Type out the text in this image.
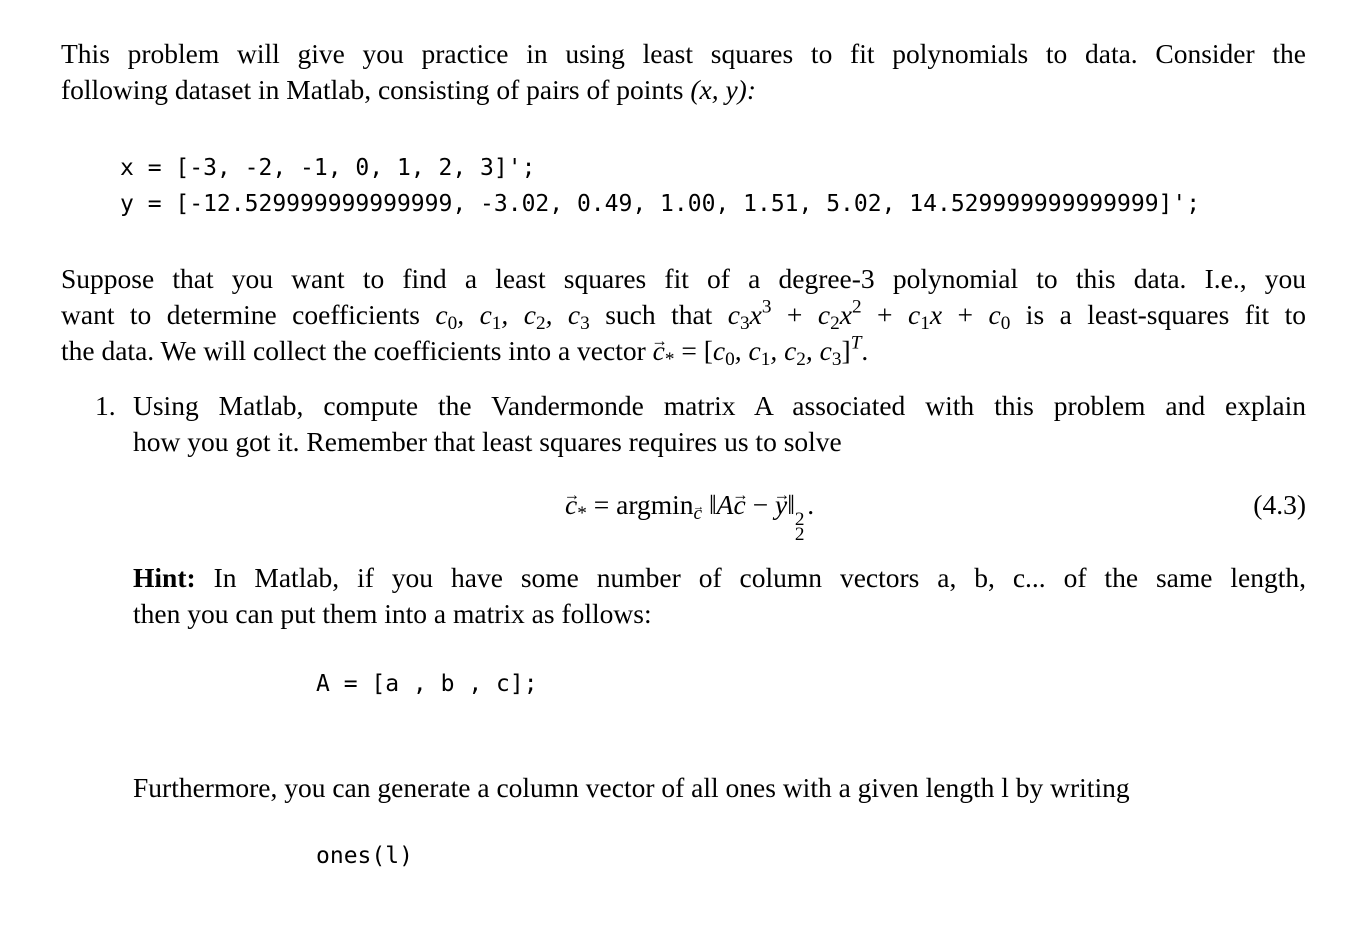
This problem will give you practice in using least squares to fit polynomials to data. Consider the

following dataset in Matlab, consisting of pairs of points (x, y):

x = [-3, -2, -1, 0, 1, 2, 3]';
y = [-12.529999999999999, -3.02, 0.49, 1.00, 1.51, 5.02, 14.529999999999999]';

Suppose that you want to find a least squares fit of a degree-3 polynomial to this data. I.e., you

want to determine coefficients $c_0$, $c_1$, $c_2$, $c_3$ such that $c_3x^3 + c_2x^2 + c_1x + c_0$ is a least-squares fit to

the data. We will collect the coefficients into a vector → $c_* = [c_0$, $c_1$, $c_2$, $c_3]^T$.

1. Using Matlab, compute the Vandermonde matrix A associated with this problem and explain

how you got it. Remember that least squares requires us to solve

→ $c_* = argmin_c$ ‖A→ c − → y‖ 2
2
.	(4.3)

Hint: In Matlab, if you have some number of column vectors a, b, c... of the same length,

then you can put them into a matrix as follows:

A = [a , b , c];

Furthermore, you can generate a column vector of all ones with a given length l by writing

ones(l)
